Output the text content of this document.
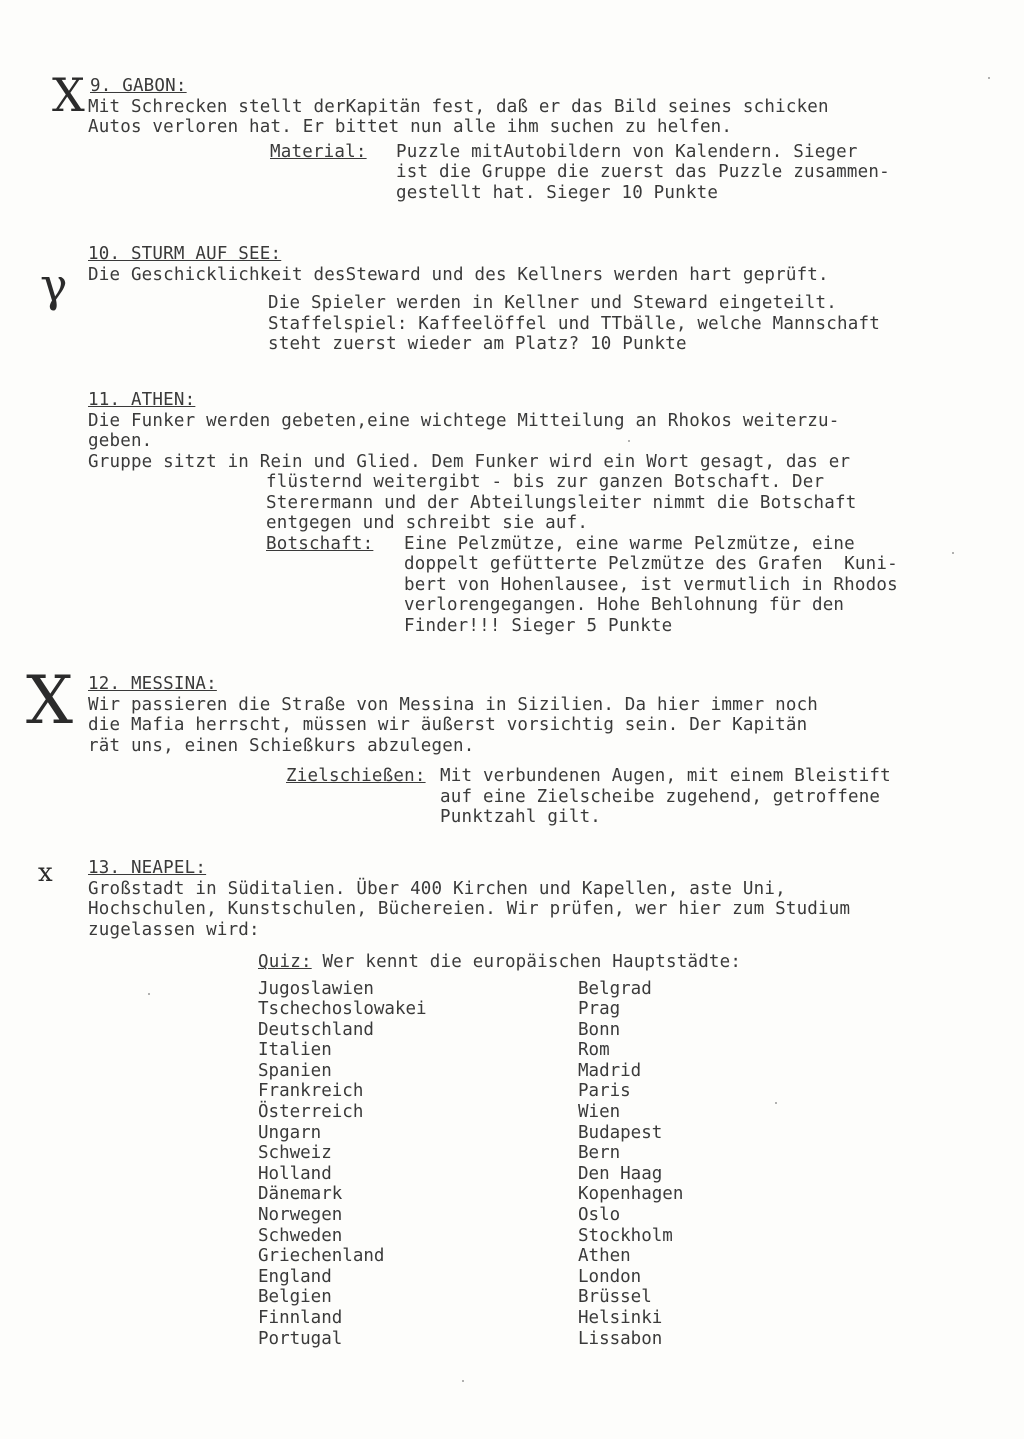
X
γ
X
x
9. GABON:
Mit Schrecken stellt derKapitän fest, daß er das Bild seines schicken
Autos verloren hat. Er bittet nun alle ihm suchen zu helfen.
Material: Puzzle mitAutobildern von Kalendern. Sieger
ist die Gruppe die zuerst das Puzzle zusammen-
gestellt hat. Sieger 10 Punkte
10. STURM AUF SEE:
Die Geschicklichkeit desSteward und des Kellners werden hart geprüft.
Die Spieler werden in Kellner und Steward eingeteilt.
Staffelspiel: Kaffeelöffel und TTbälle, welche Mannschaft
steht zuerst wieder am Platz? 10 Punkte
11. ATHEN:
Die Funker werden gebeten,eine wichtege Mitteilung an Rhokos weiterzu-
geben.
Gruppe sitzt in Rein und Glied. Dem Funker wird ein Wort gesagt, das er
flüsternd weitergibt - bis zur ganzen Botschaft. Der
Sterermann und der Abteilungsleiter nimmt die Botschaft
entgegen und schreibt sie auf.
Botschaft: Eine Pelzmütze, eine warme Pelzmütze, eine
doppelt gefütterte Pelzmütze des Grafen  Kuni-
bert von Hohenlausee, ist vermutlich in Rhodos
verlorengegangen. Hohe Behlohnung für den
Finder!!! Sieger 5 Punkte
12. MESSINA:
Wir passieren die Straße von Messina in Sizilien. Da hier immer noch
die Mafia herrscht, müssen wir äußerst vorsichtig sein. Der Kapitän
rät uns, einen Schießkurs abzulegen.
Zielschießen: Mit verbundenen Augen, mit einem Bleistift
auf eine Zielscheibe zugehend, getroffene
Punktzahl gilt.
13. NEAPEL:
Großstadt in Süditalien. Über 400 Kirchen und Kapellen, aste Uni,
Hochschulen, Kunstschulen, Büchereien. Wir prüfen, wer hier zum Studium
zugelassen wird:
Quiz: Wer kennt die europäischen Hauptstädte:
Jugoslawien	Belgrad
Tschechoslowakei	Prag
Deutschland	Bonn
Italien	Rom
Spanien	Madrid
Frankreich	Paris
Österreich	Wien
Ungarn	Budapest
Schweiz	Bern
Holland	Den Haag
Dänemark	Kopenhagen
Norwegen	Oslo
Schweden	Stockholm
Griechenland	Athen
England	London
Belgien	Brüssel
Finnland	Helsinki
Portugal	Lissabon
